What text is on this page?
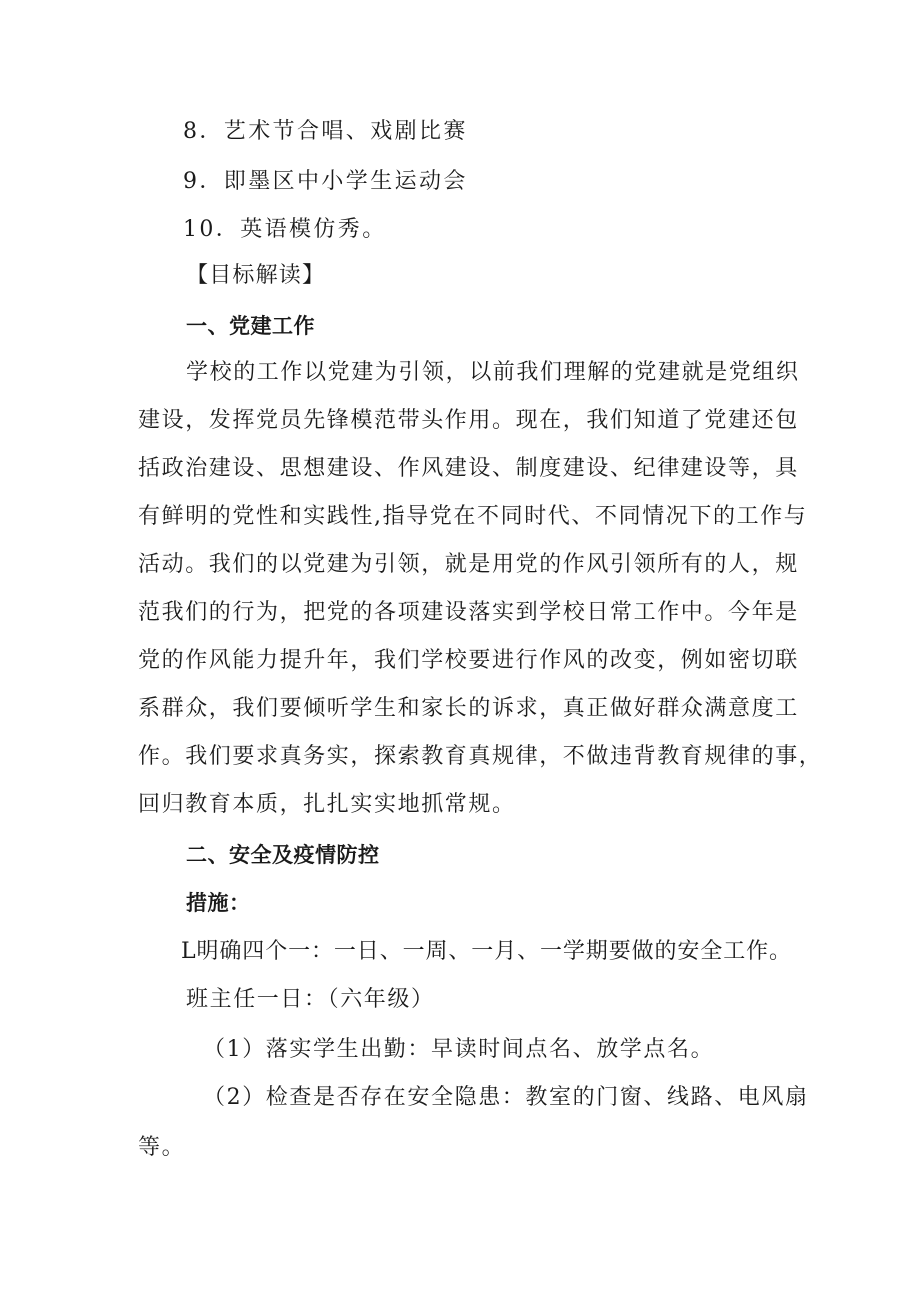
8．艺术节合唱、戏剧比赛
9．即墨区中小学生运动会
10．英语模仿秀。
【目标解读】
一、党建工作
学校的工作以党建为引领，以前我们理解的党建就是党组织
建设，发挥党员先锋模范带头作用。现在，我们知道了党建还包
括政治建设、思想建设、作风建设、制度建设、纪律建设等，具
有鲜明的党性和实践性,指导党在不同时代、不同情况下的工作与
活动。我们的以党建为引领，就是用党的作风引领所有的人，规
范我们的行为，把党的各项建设落实到学校日常工作中。今年是
党的作风能力提升年，我们学校要进行作风的改变，例如密切联
系群众，我们要倾听学生和家长的诉求，真正做好群众满意度工
作。我们要求真务实，探索教育真规律，不做违背教育规律的事，
回归教育本质，扎扎实实地抓常规。
二、安全及疫情防控
措施：
L明确四个一：一日、一周、一月、一学期要做的安全工作。
班主任一日：（六年级）
（1）落实学生出勤：早读时间点名、放学点名。
（2）检查是否存在安全隐患：教室的门窗、线路、电风扇
等。
